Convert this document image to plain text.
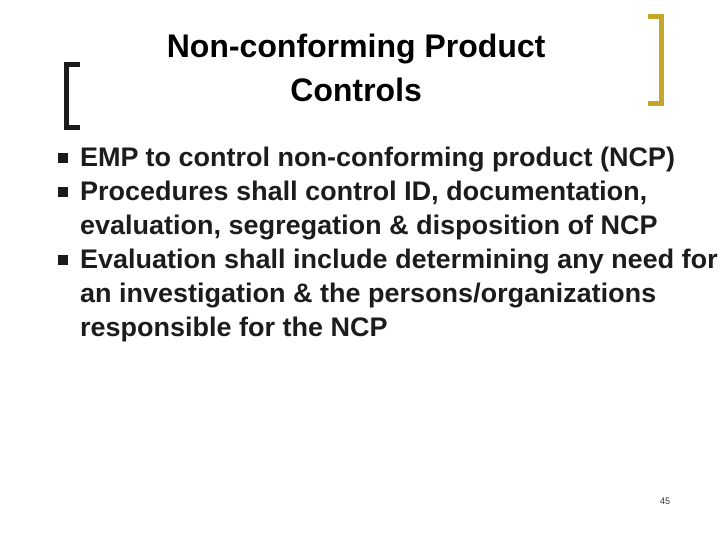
Non-conforming Product
Controls
EMP to control non-conforming product (NCP)
Procedures shall control ID, documentation, evaluation, segregation & disposition of NCP
Evaluation shall include determining any need for an investigation & the persons/organizations responsible for the NCP
45
